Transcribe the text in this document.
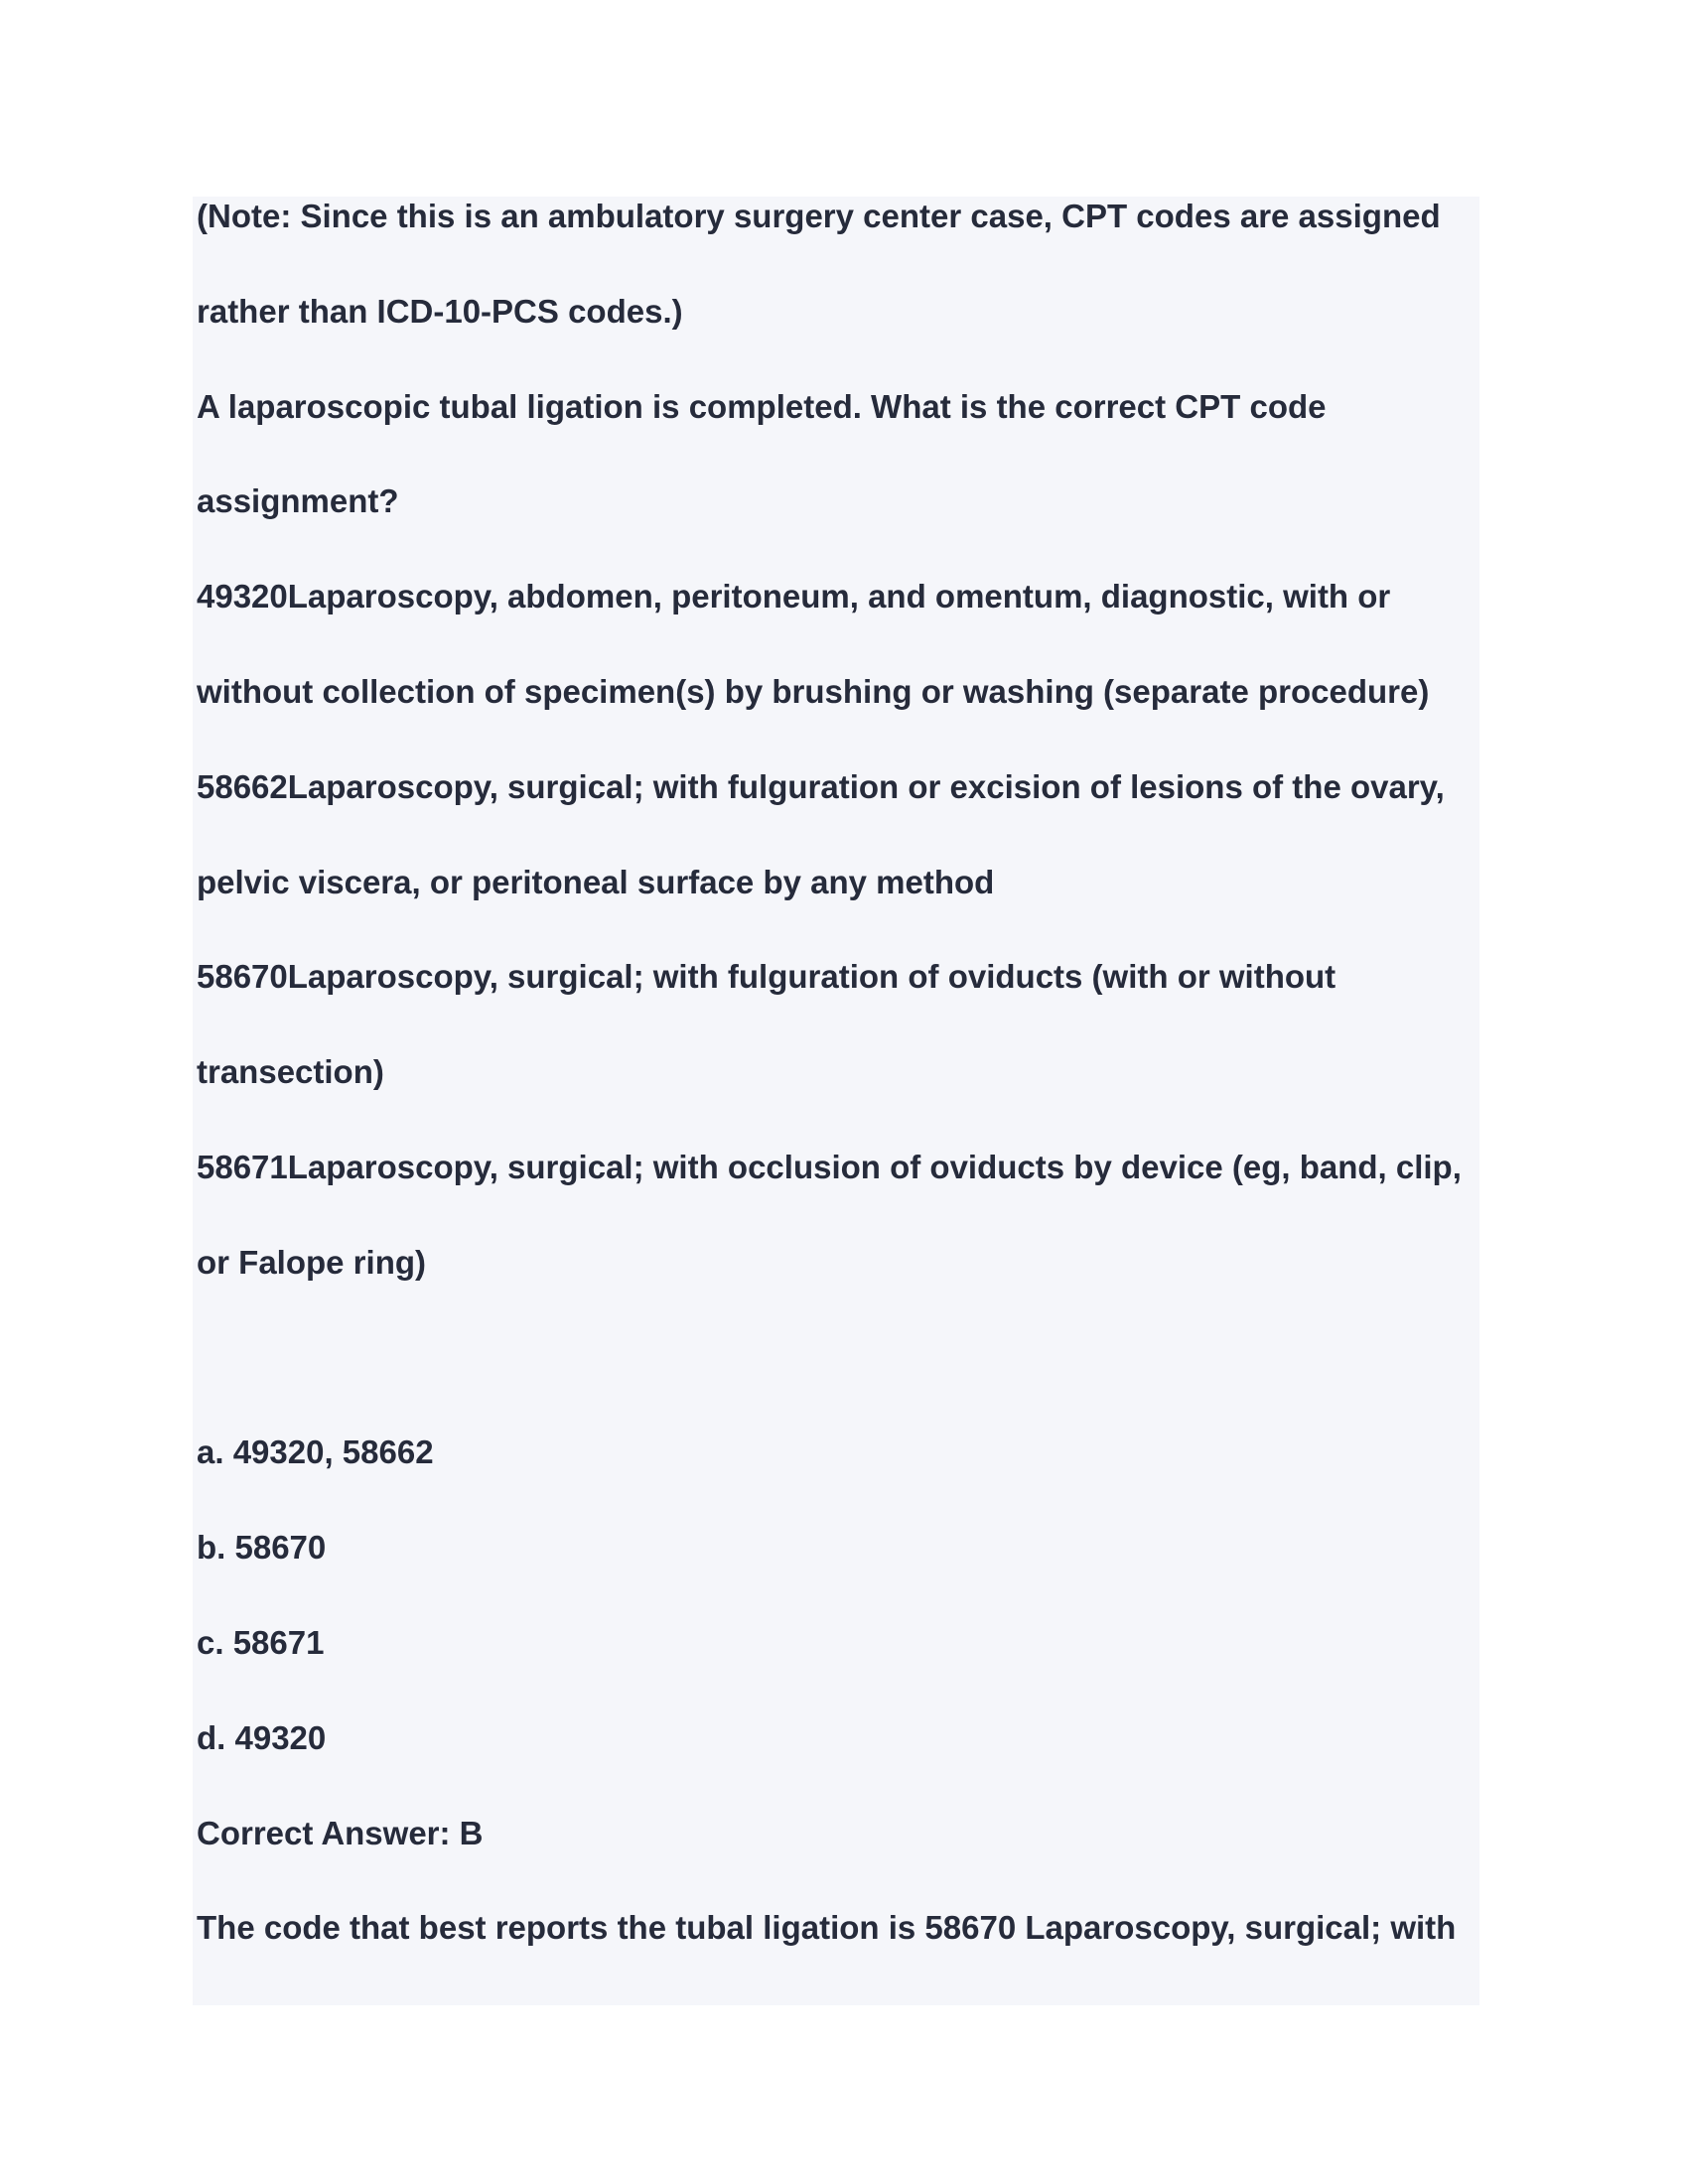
(Note: Since this is an ambulatory surgery center case, CPT codes are assigned
rather than ICD-10-PCS codes.)
A laparoscopic tubal ligation is completed. What is the correct CPT code
assignment?
49320Laparoscopy, abdomen, peritoneum, and omentum, diagnostic, with or
without collection of specimen(s) by brushing or washing (separate procedure)
58662Laparoscopy, surgical; with fulguration or excision of lesions of the ovary,
pelvic viscera, or peritoneal surface by any method
58670Laparoscopy, surgical; with fulguration of oviducts (with or without
transection)
58671Laparoscopy, surgical; with occlusion of oviducts by device (eg, band, clip,
or Falope ring)
a. 49320, 58662
b. 58670
c. 58671
d. 49320
Correct Answer: B
The code that best reports the tubal ligation is 58670 Laparoscopy, surgical; with
